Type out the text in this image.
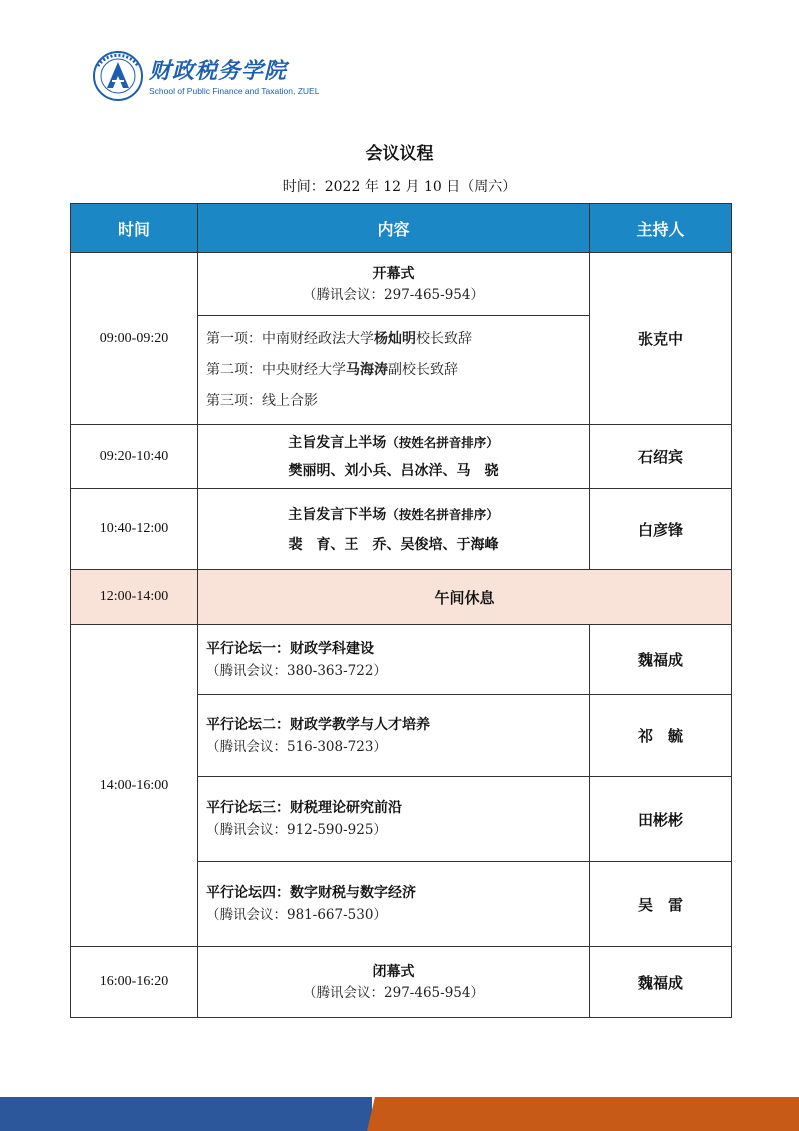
财政税务学院
School of Public Finance and Taxation, ZUEL
会议议程
时间：2022 年 12 月 10 日（周六）
时间	内容	主持人
09:00-09:20	开幕式
（腾讯会议：297-465-954）	张克中

	第一项：中南财经政法大学杨灿明校长致辞
第二项：中央财经大学马海涛副校长致辞
第三项：线上合影	

09:20-10:40	主旨发言上半场（按姓名拼音排序）
樊丽明、刘小兵、吕冰洋、马　骁	石绍宾
10:40-12:00	主旨发言下半场（按姓名拼音排序）
裴　育、王　乔、吴俊培、于海峰	白彦锋
12:00-14:00	午间休息	
14:00-16:00	平行论坛一：财政学科建设
（腾讯会议：380-363-722）	魏福成

	平行论坛二：财政学教学与人才培养
（腾讯会议：516-308-723）	祁　毓

	平行论坛三：财税理论研究前沿
（腾讯会议：912-590-925）	田彬彬

	平行论坛四：数字财税与数字经济
（腾讯会议：981-667-530）	吴　雷
16:00-16:20	闭幕式
（腾讯会议：297-465-954）	魏福成
